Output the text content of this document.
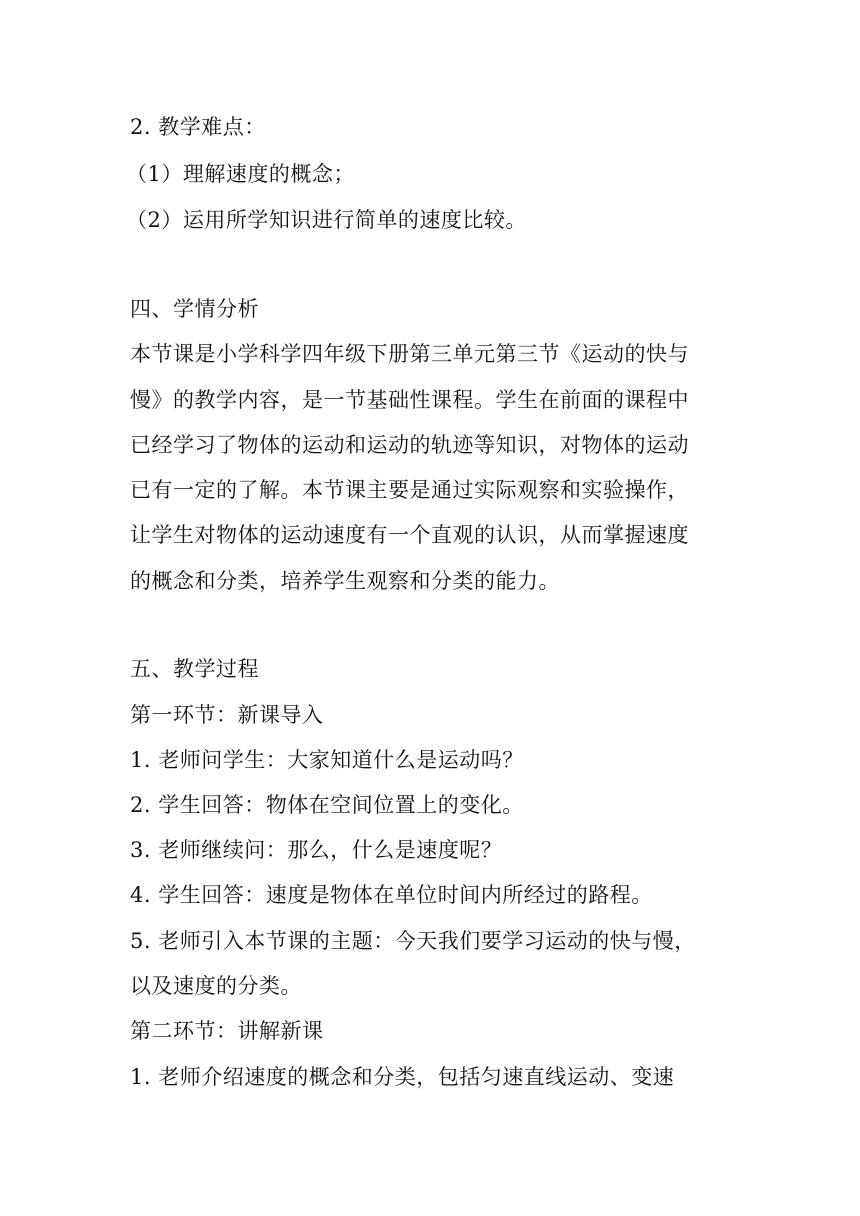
2. 教学难点：
（1）理解速度的概念；
（2）运用所学知识进行简单的速度比较。
四、学情分析
本节课是小学科学四年级下册第三单元第三节《运动的快与
慢》的教学内容，是一节基础性课程。学生在前面的课程中
已经学习了物体的运动和运动的轨迹等知识，对物体的运动
已有一定的了解。本节课主要是通过实际观察和实验操作，
让学生对物体的运动速度有一个直观的认识，从而掌握速度
的概念和分类，培养学生观察和分类的能力。
五、教学过程
第一环节：新课导入
1. 老师问学生：大家知道什么是运动吗？
2. 学生回答：物体在空间位置上的变化。
3. 老师继续问：那么，什么是速度呢？
4. 学生回答：速度是物体在单位时间内所经过的路程。
5. 老师引入本节课的主题：今天我们要学习运动的快与慢，
以及速度的分类。
第二环节：讲解新课
1. 老师介绍速度的概念和分类，包括匀速直线运动、变速
